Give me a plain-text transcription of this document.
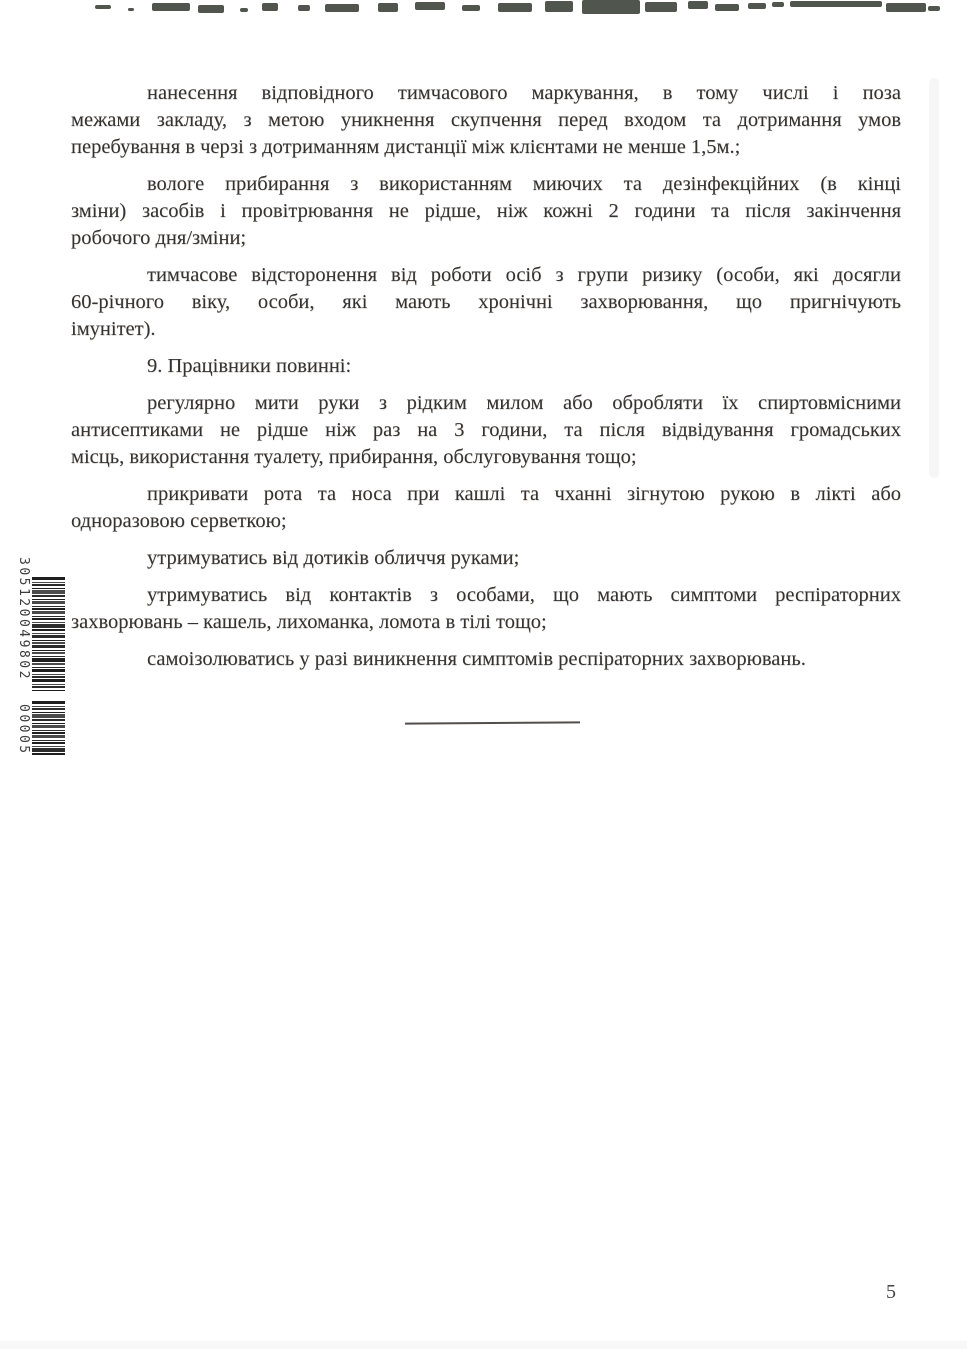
нанесення відповідного тимчасового маркування, в тому числі і поза
межами закладу, з метою уникнення скупчення перед входом та дотримання умов
перебування в черзі з дотриманням дистанції між клієнтами не менше 1,5м.;
вологе прибирання з використанням миючих та дезінфекційних (в кінці
зміни) засобів і провітрювання не рідше, ніж кожні 2 години та після закінчення
робочого дня/зміни;
тимчасове відсторонення від роботи осіб з групи ризику (особи, які досягли
60-річного віку, особи, які мають хронічні захворювання, що пригнічують
імунітет).
9. Працівники повинні:
регулярно мити руки з рідким милом або обробляти їх спиртовмісними
антисептиками не рідше ніж раз на 3 години, та після відвідування громадських
місць, використання туалету, прибирання, обслуговування тощо;
прикривати рота та носа при кашлі та чханні зігнутою рукою в лікті або
одноразовою серветкою;
утримуватись від дотиків обличчя руками;
утримуватись від контактів з особами, що мають симптоми респіраторних
захворювань – кашель, лихоманка, ломота в тілі тощо;
самоізолюватись у разі виникнення симптомів респіраторних захворювань.
305120049802
00005
5
